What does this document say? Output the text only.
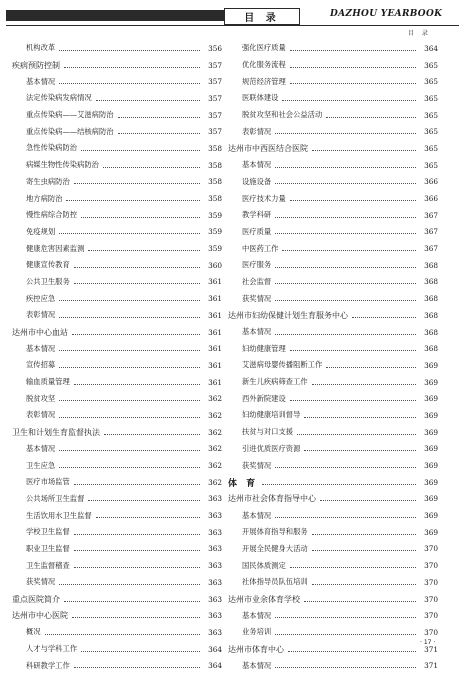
目 录	DAZHOU YEARBOOK
目 录
机构改革	356
疾病预防控制	357
基本情况	357
法定传染病发病情况	357
重点传染病——艾滋病防治	357
重点传染病——结核病防治	357
急性传染病防治	358
病媒生物性传染病防治	358
寄生虫病防治	358
地方病防治	358
慢性病综合防控	359
免疫规划	359
健康危害因素监测	359
健康宣传教育	360
公共卫生服务	361
疾控应急	361
表彰情况	361
达州市中心血站	361
基本情况	361
宣传招募	361
输血质量管理	361
脱贫攻坚	362
表彰情况	362
卫生和计划生育监督执法	362
基本情况	362
卫生应急	362
医疗市场监管	362
公共场所卫生监督	363
生活饮用水卫生监督	363
学校卫生监督	363
职业卫生监督	363
卫生监督稽查	363
获奖情况	363
重点医院简介	363
达州市中心医院	363
概况	363
人才与学科工作	364
科研教学工作	364
强化医疗质量	364
优化服务流程	365
规范经济管理	365
医联体建设	365
脱贫攻坚和社会公益活动	365
表彰情况	365
达州市中西医结合医院	365
基本情况	365
设施设备	366
医疗技术力量	366
教学科研	367
医疗质量	367
中医药工作	367
医疗服务	368
社会监督	368
获奖情况	368
达州市妇幼保健计划生育服务中心	368
基本情况	368
妇幼健康管理	368
艾滋病母婴传播阻断工作	369
新生儿疾病筛查工作	369
西外新院建设	369
妇幼健康培训督导	369
扶贫与对口支援	369
引进优质医疗资源	369
获奖情况	369
体 育	369
达州市社会体育指导中心	369
基本情况	369
开展体育指导和服务	369
开展全民健身大活动	370
国民体质测定	370
社体指导员队伍培训	370
达州市业余体育学校	370
基本情况	370
业务培训	370
达州市体育中心	371
基本情况	371
· 17 ·
